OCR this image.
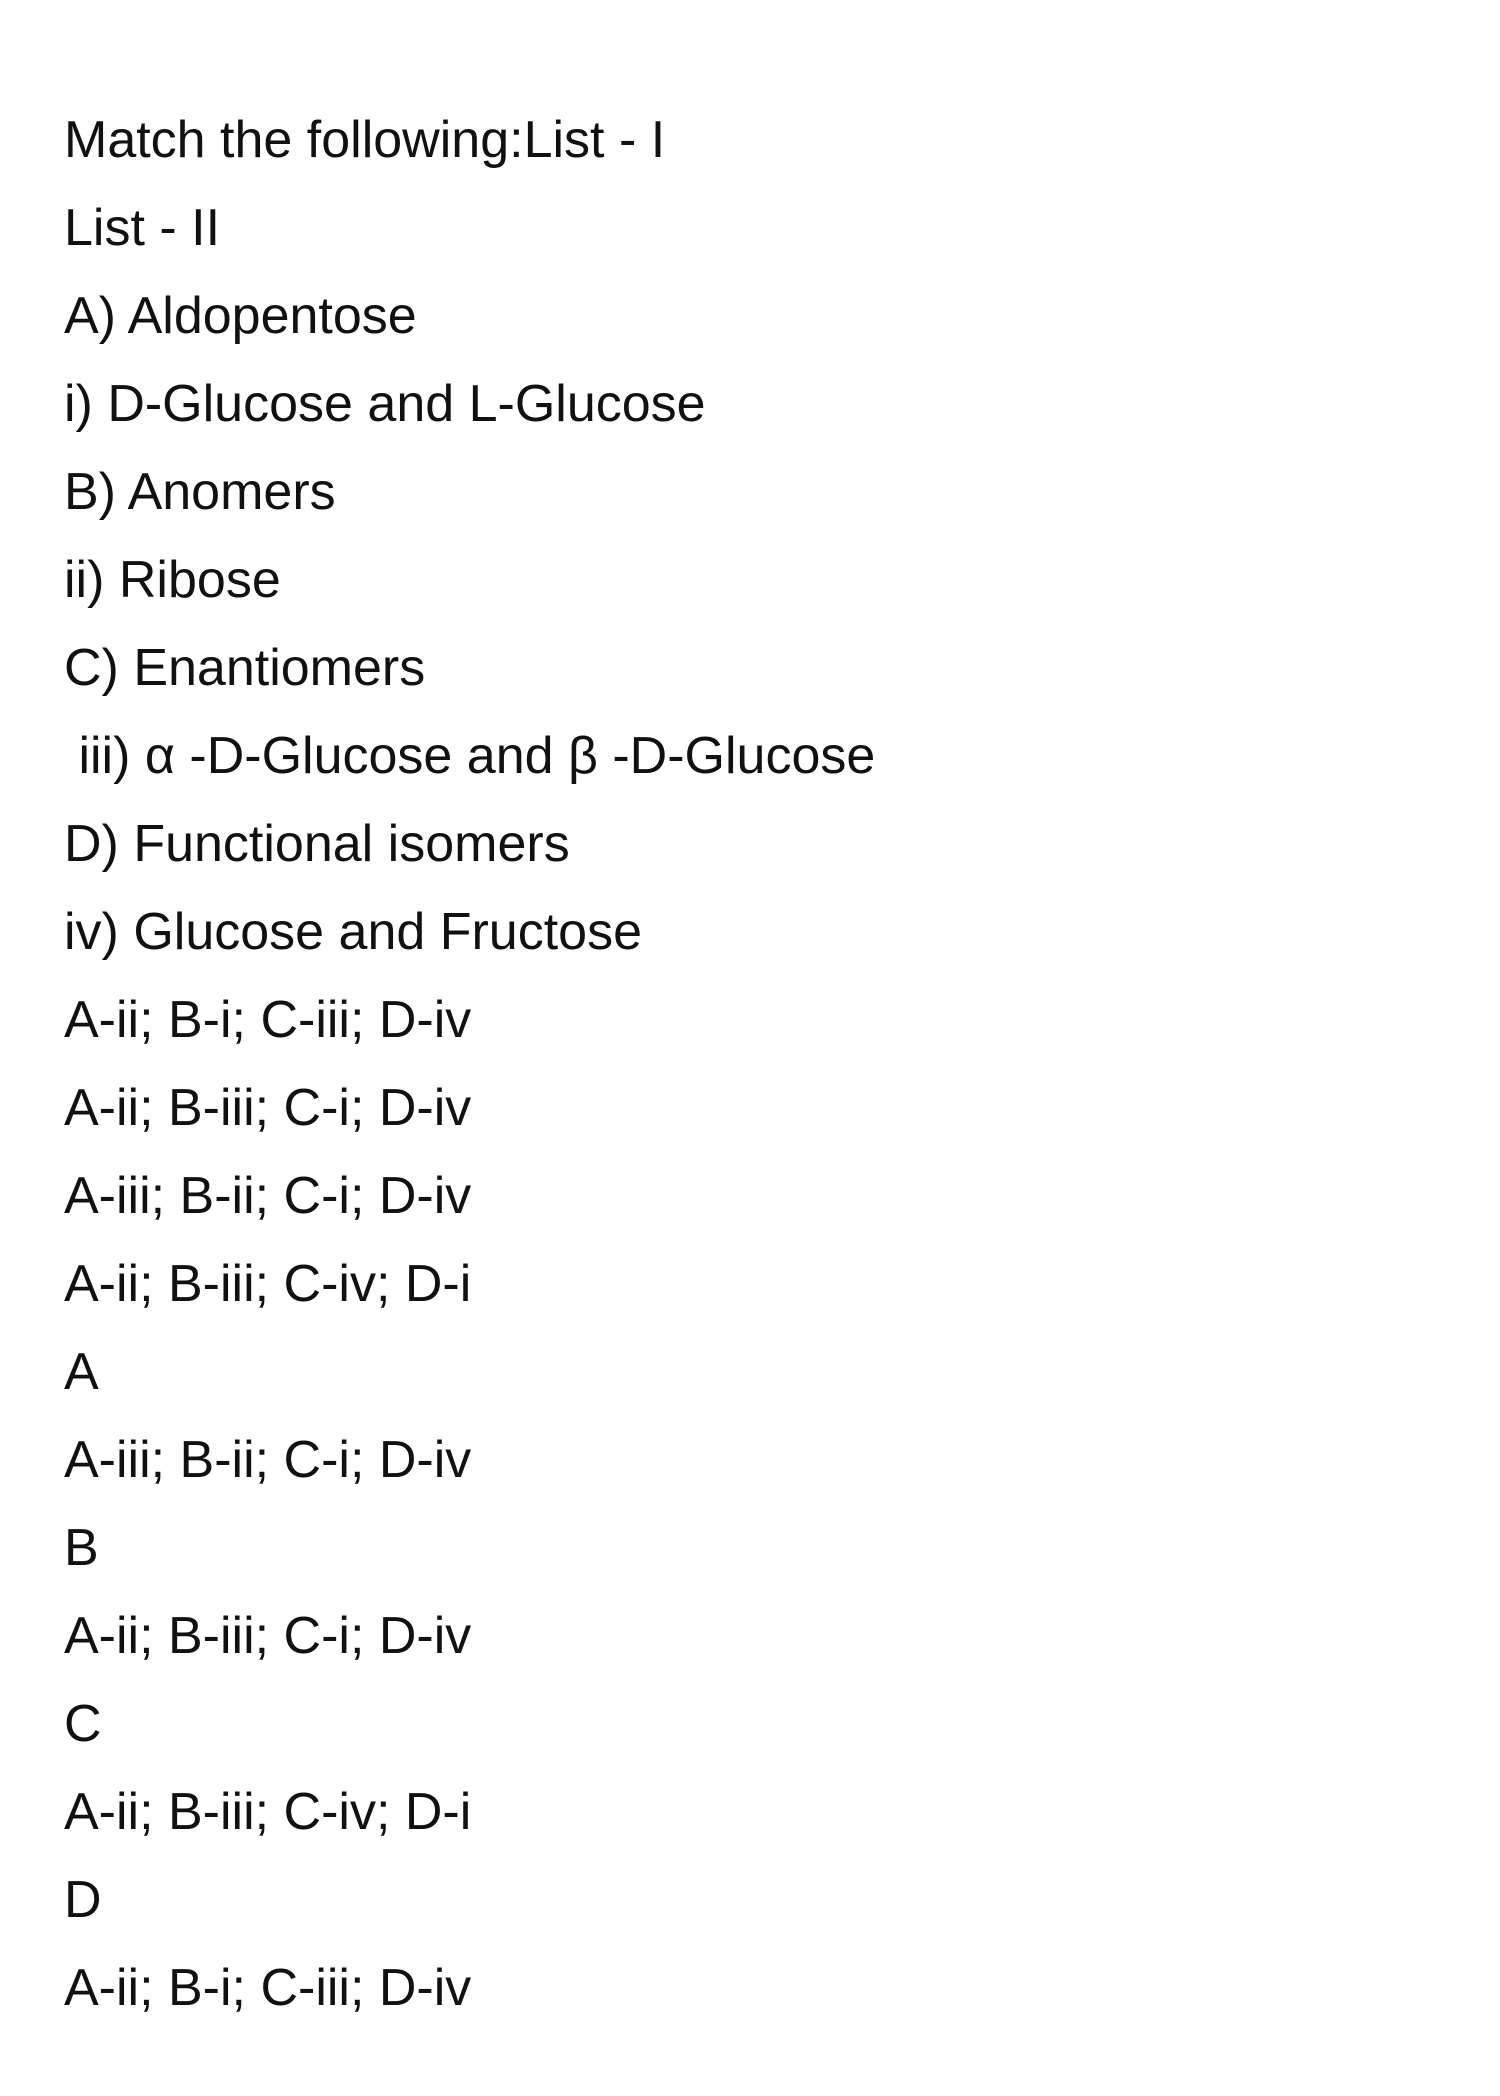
Match the following:List - I
List - II
A) Aldopentose
i) D-Glucose and L-Glucose
B) Anomers
ii) Ribose
C) Enantiomers
iii) α -D-Glucose and β -D-Glucose
D) Functional isomers
iv) Glucose and Fructose
A-ii; B-i; C-iii; D-iv
A-ii; B-iii; C-i; D-iv
A-iii; B-ii; C-i; D-iv
A-ii; B-iii; C-iv; D-i
A
A-iii; B-ii; C-i; D-iv
B
A-ii; B-iii; C-i; D-iv
C
A-ii; B-iii; C-iv; D-i
D
A-ii; B-i; C-iii; D-iv
